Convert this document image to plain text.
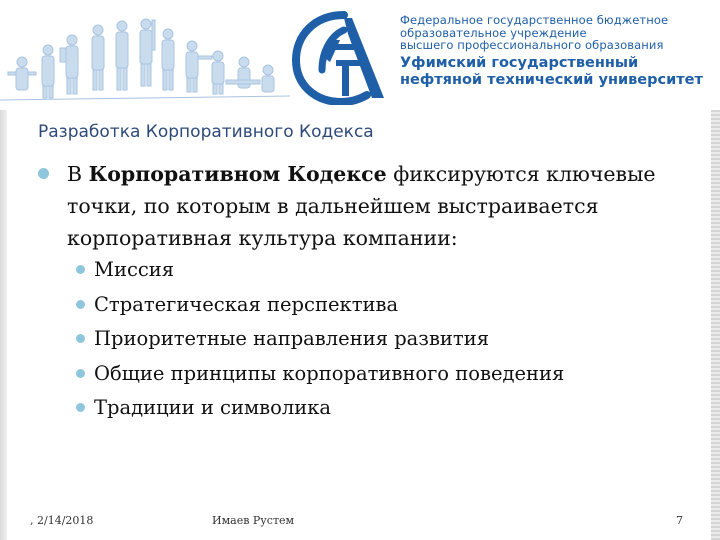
Федеральное государственное бюджетное
образовательное учреждение
высшего профессионального образования
Уфимский государственный
нефтяной технический университет
Разработка Корпоративного Кодекса
В Корпоративном Кодексе фиксируются ключевые точки, по которым в дальнейшем выстраивается корпоративная культура компании:
Миссия
Стратегическая перспектива
Приоритетные направления развития
Общие принципы корпоративного поведения
Традиции и символика
, 2/14/2018	Имаев Рустем	7
